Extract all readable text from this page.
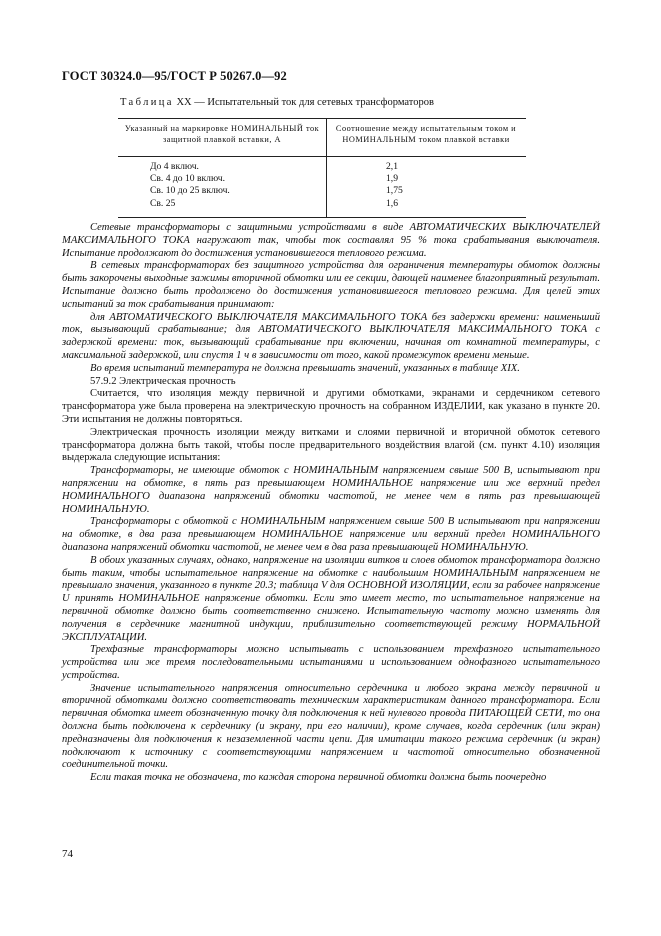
ГОСТ 30324.0—95/ГОСТ Р 50267.0—92
Таблица XX — Испытательный ток для сетевых трансформаторов
Указанный на маркировке НОМИНАЛЬНЫЙ ток защитной плавкой вставки, А
Соотношение между испытательным током и НОМИНАЛЬНЫМ током плавкой вставки
До 4 включ.
Св. 4 до 10 включ.
Св. 10 до 25 включ.
Св. 25
2,1
1,9
1,75
1,6

Сетевые трансформаторы с защитными устройствами в виде АВТОМАТИЧЕСКИХ ВЫКЛЮЧАТЕЛЕЙ МАКСИМАЛЬНОГО ТОКА нагружают так, чтобы ток составлял 95 % тока срабатывания выключателя. Испытание продолжают до достижения установившегося теплового режима.

В сетевых трансформаторах без защитного устройства для ограничения температуры обмоток должны быть закорочены выходные зажимы вторичной обмотки или ее секции, дающей наименее благоприятный результат. Испытание должно быть продолжено до достижения установившегося теплового режима. Для целей этих испытаний за ток срабатывания принимают:

для АВТОМАТИЧЕСКОГО ВЫКЛЮЧАТЕЛЯ МАКСИМАЛЬНОГО ТОКА без задержки времени: наименьший ток, вызывающий срабатывание; для АВТОМАТИЧЕСКОГО ВЫКЛЮЧАТЕЛЯ МАКСИМАЛЬНОГО ТОКА с задержкой времени: ток, вызывающий срабатывание при включении, начиная от комнатной температуры, с максимальной задержкой, или спустя 1 ч в зависимости от того, какой промежуток времени меньше.

Во время испытаний температура не должна превышать значений, указанных в таблице XIX.

57.9.2 Электрическая прочность

Считается, что изоляция между первичной и другими обмотками, экранами и сердечником сетевого трансформатора уже была проверена на электрическую прочность на собранном ИЗДЕЛИИ, как указано в пункте 20. Эти испытания не должны повторяться.

Электрическая прочность изоляции между витками и слоями первичной и вторичной обмоток сетевого трансформатора должна быть такой, чтобы после предварительного воздействия влагой (см. пункт 4.10) изоляция выдержала следующие испытания:

Трансформаторы, не имеющие обмоток с НОМИНАЛЬНЫМ напряжением свыше 500 В, испытывают при напряжении на обмотке, в пять раз превышающем НОМИНАЛЬНОЕ напряжение или же верхний предел НОМИНАЛЬНОГО диапазона напряжений обмотки частотой, не менее чем в пять раз превышающей НОМИНАЛЬНУЮ.

Трансформаторы с обмоткой с НОМИНАЛЬНЫМ напряжением свыше 500 В испытывают при напряжении на обмотке, в два раза превышающем НОМИНАЛЬНОЕ напряжение или верхний предел НОМИНАЛЬНОГО диапазона напряжений обмотки частотой, не менее чем в два раза превышающей НОМИНАЛЬНУЮ.

В обоих указанных случаях, однако, напряжение на изоляции витков и слоев обмоток трансформатора должно быть таким, чтобы испытательное напряжение на обмотке с наибольшим НОМИНАЛЬНЫМ напряжением не превышало значения, указанного в пункте 20.3; таблица V для ОСНОВНОЙ ИЗОЛЯЦИИ, если за рабочее напряжение U принять НОМИНАЛЬНОЕ напряжение обмотки. Если это имеет место, то испытательное напряжение на первичной обмотке должно быть соответственно снижено. Испытательную частоту можно изменять для получения в сердечнике магнитной индукции, приблизительно соответствующей режиму НОРМАЛЬНОЙ ЭКСПЛУАТАЦИИ.

Трехфазные трансформаторы можно испытывать с использованием трехфазного испытательного устройства или же тремя последовательными испытаниями и использованием однофазного испытательного устройства.

Значение испытательного напряжения относительно сердечника и любого экрана между первичной и вторичной обмотками должно соответствовать техническим характеристикам данного трансформатора. Если первичная обмотка имеет обозначенную точку для подключения к ней нулевого провода ПИТАЮЩЕЙ СЕТИ, то она должна быть подключена к сердечнику (и экрану, при его наличии), кроме случаев, когда сердечник (или экран) предназначены для подключения к незаземленной части цепи. Для имитации такого режима сердечник (и экран) подключают к источнику с соответствующими напряжением и частотой относительно обозначенной соединительной точки.

Если такая точка не обозначена, то каждая сторона первичной обмотки должна быть поочередно

74
